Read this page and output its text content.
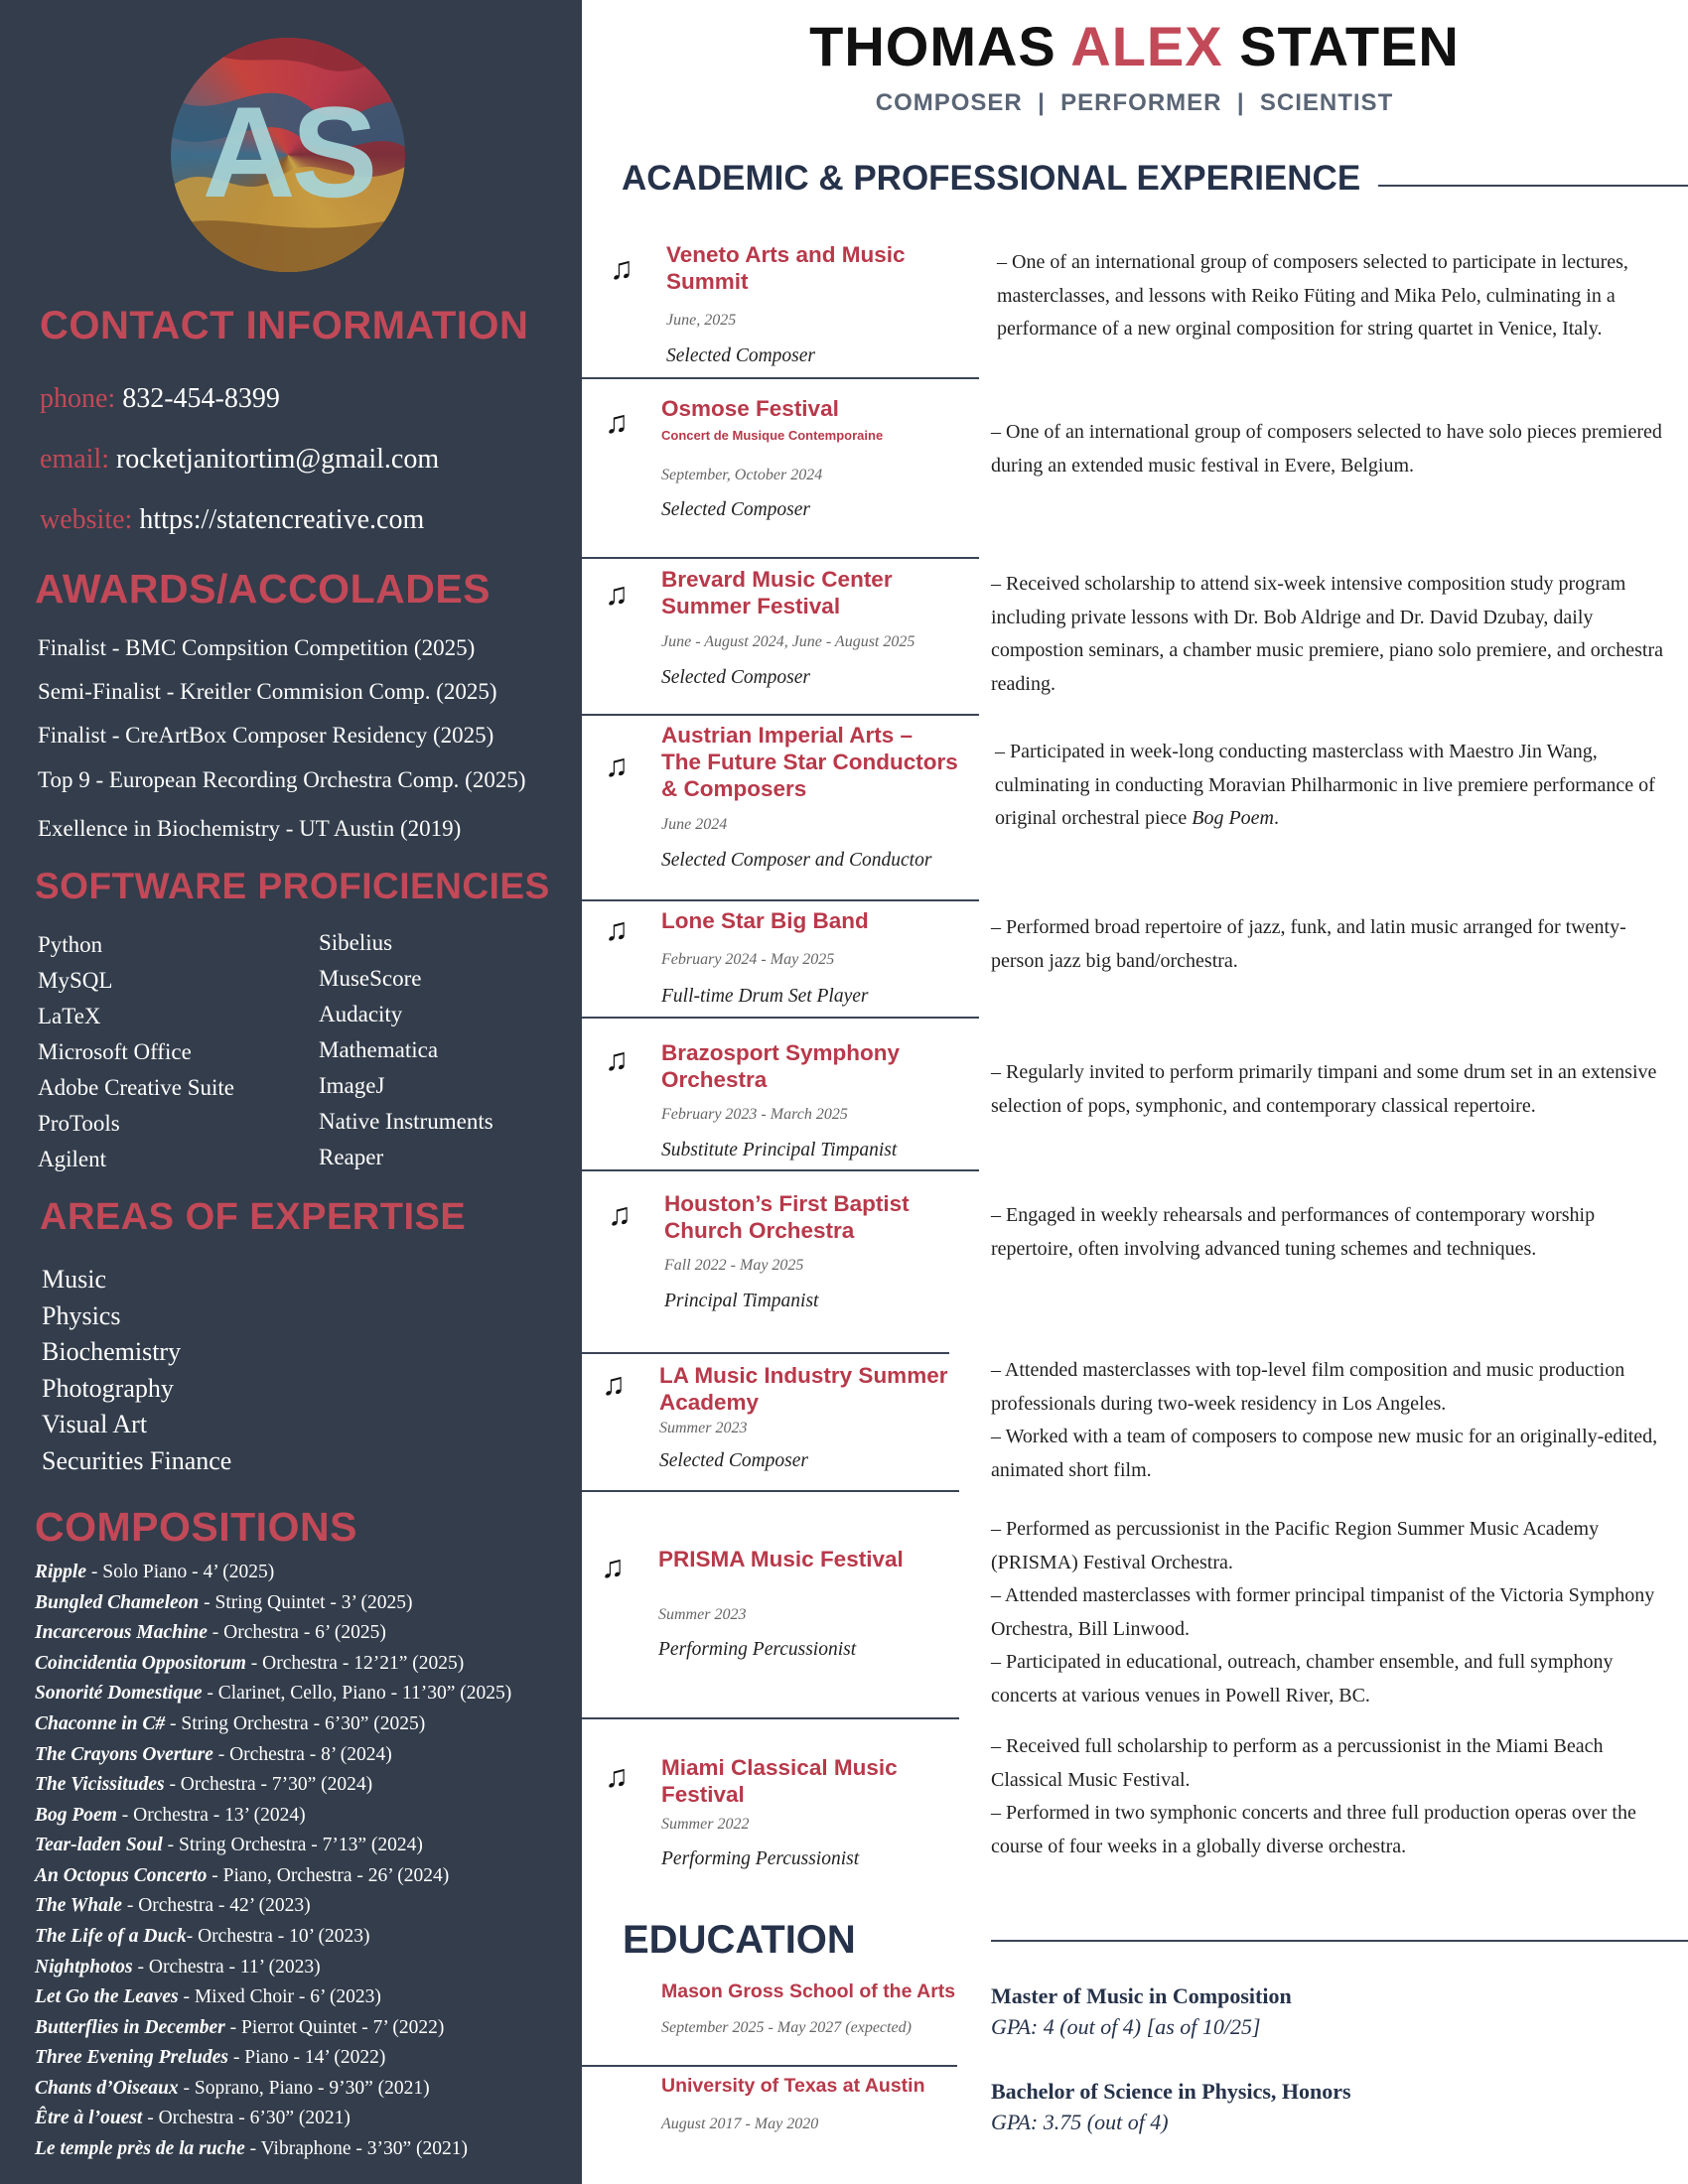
AS
CONTACT INFORMATION
phone: 832-454-8399
email: rocketjanitortim@gmail.com
website: https://statencreative.com
AWARDS/ACCOLADES
Finalist - BMC Compsition Competition (2025)
Semi-Finalist - Kreitler Commision Comp. (2025)
Finalist - CreArtBox Composer Residency (2025)
Top 9 - European Recording Orchestra Comp. (2025)
Exellence in Biochemistry - UT Austin (2019)
SOFTWARE PROFICIENCIES
Python
MySQL
LaTeX
Microsoft Office
Adobe Creative Suite
ProTools
Agilent
Sibelius
MuseScore
Audacity
Mathematica
ImageJ
Native Instruments
Reaper
AREAS OF EXPERTISE
Music
Physics
Biochemistry
Photography
Visual Art
Securities Finance
COMPOSITIONS
Ripple - Solo Piano - 4’ (2025)
Bungled Chameleon - String Quintet - 3’ (2025)
Incarcerous Machine - Orchestra - 6’ (2025)
Coincidentia Oppositorum - Orchestra - 12’21” (2025)
Sonorité Domestique - Clarinet, Cello, Piano - 11’30” (2025)
Chaconne in C# - String Orchestra - 6’30” (2025)
The Crayons Overture - Orchestra - 8’ (2024)
The Vicissitudes - Orchestra - 7’30” (2024)
Bog Poem - Orchestra - 13’ (2024)
Tear-laden Soul - String Orchestra - 7’13” (2024)
An Octopus Concerto - Piano, Orchestra - 26’ (2024)
The Whale - Orchestra - 42’ (2023)
The Life of a Duck- Orchestra - 10’ (2023)
Nightphotos - Orchestra - 11’ (2023)
Let Go the Leaves - Mixed Choir - 6’ (2023)
Butterflies in December - Pierrot Quintet - 7’ (2022)
Three Evening Preludes - Piano - 14’ (2022)
Chants d’Oiseaux - Soprano, Piano - 9’30” (2021)
Être à l’ouest - Orchestra - 6’30” (2021)
Le temple près de la ruche - Vibraphone - 3’30” (2021)
THOMAS ALEX STATEN
COMPOSER  |  PERFORMER  |  SCIENTIST
ACADEMIC & PROFESSIONAL EXPERIENCE
♫ Veneto Arts and Music
Summit
June, 2025
Selected Composer
– One of an international group of composers selected to participate in lectures, masterclasses, and lessons with Reiko Füting and Mika Pelo, culminating in a performance of a new orginal composition for string quartet in Venice, Italy.
♫ Osmose Festival
Concert de Musique Contemporaine
September, October 2024
Selected Composer
– One of an international group of composers selected to have solo pieces premiered during an extended music festival in Evere, Belgium.
♫ Brevard Music Center
Summer Festival
June - August 2024, June - August 2025
Selected Composer
– Received scholarship to attend six-week intensive composition study program including private lessons with Dr. Bob Aldrige and Dr. David Dzubay, daily compostion seminars, a chamber music premiere, piano solo premiere, and orchestra reading.
♫
Austrian Imperial Arts –
The Future Star Conductors
& Composers
June 2024
Selected Composer and Conductor
– Participated in week-long conducting masterclass with Maestro Jin Wang, culminating in conducting Moravian Philharmonic in live premiere performance of original orchestral piece Bog Poem.
♫ Lone Star Big Band
February 2024 - May 2025
Full-time Drum Set Player
– Performed broad repertoire of jazz, funk, and latin music arranged for twenty-person jazz big band/orchestra.
♫ Brazosport Symphony
Orchestra
February 2023 - March 2025
Substitute Principal Timpanist
– Regularly invited to perform primarily timpani and some drum set in an extensive selection of pops, symphonic, and contemporary classical repertoire.
♫ Houston’s First Baptist
Church Orchestra
Fall 2022 - May 2025
Principal Timpanist
– Engaged in weekly rehearsals and performances of contemporary worship repertoire, often involving advanced tuning schemes and techniques.
♫ LA Music Industry Summer
Academy
Summer 2023
Selected Composer
– Attended masterclasses with top-level film composition and music production professionals during two-week residency in Los Angeles.
– Worked with a team of composers to compose new music for an originally-edited, animated short film.
♫ PRISMA Music Festival
Summer 2023
Performing Percussionist
– Performed as percussionist in the Pacific Region Summer Music Academy (PRISMA) Festival Orchestra.
– Attended masterclasses with former principal timpanist of the Victoria Symphony Orchestra, Bill Linwood.
– Participated in educational, outreach, chamber ensemble, and full symphony concerts at various venues in Powell River, BC.
♫ Miami Classical Music
Festival
Summer 2022
Performing Percussionist
– Received full scholarship to perform as a percussionist in the Miami Beach Classical Music Festival.
– Performed in two symphonic concerts and three full production operas over the course of four weeks in a globally diverse orchestra.
EDUCATION
Mason Gross School of the Arts
September 2025 - May 2027 (expected)
Master of Music in Composition
GPA: 4 (out of 4) [as of 10/25]
University of Texas at Austin
August 2017 - May 2020
Bachelor of Science in Physics, Honors
GPA: 3.75 (out of 4)
